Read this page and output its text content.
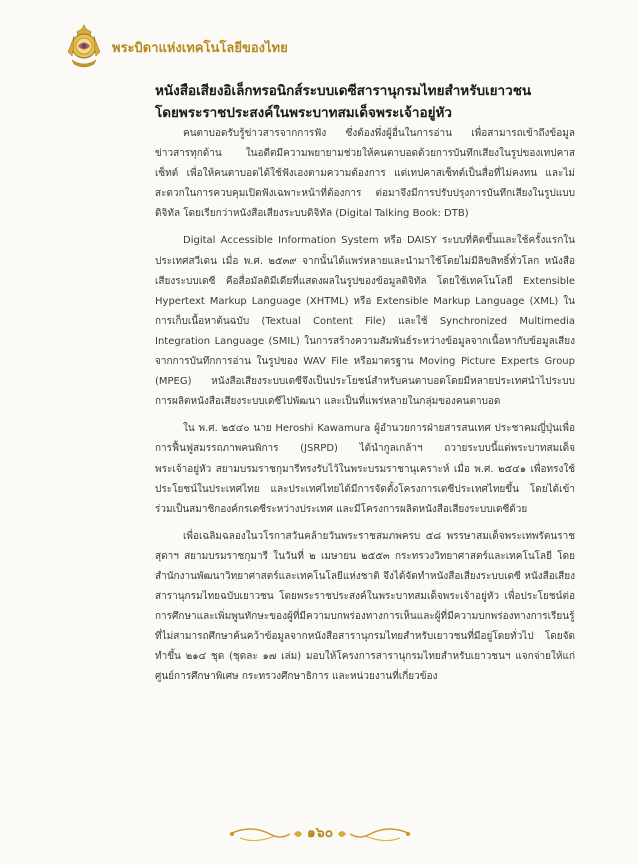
พระบิดาแห่งเทคโนโลยีของไทย
หนังสือเสียงอิเล็กทรอนิกส์ระบบเดซีสารานุกรมไทยสำหรับเยาวชน
โดยพระราชประสงค์ในพระบาทสมเด็จพระเจ้าอยู่หัว

คนตาบอดรับรู้ข่าวสารจากการฟัง ซึ่งต้องพึ่งผู้อื่นในการอ่าน เพื่อสามารถเข้าถึงข้อมูลข่าวสารทุกด้าน ในอดีตมีความพยายามช่วยให้คนตาบอดด้วยการบันทึกเสียงในรูปของเทปคาสเซ็ทต์ เพื่อให้คนตาบอดได้ใช้ฟังเองตามความต้องการ แต่เทปคาสเซ็ทต์เป็นสื่อที่ไม่คงทน และไม่สะดวกในการควบคุมเปิดฟังเฉพาะหน้าที่ต้องการ ต่อมาจึงมีการปรับปรุงการบันทึกเสียงในรูปแบบดิจิทัล โดยเรียกว่าหนังสือเสียงระบบดิจิทัล (Digital Talking Book: DTB)

Digital Accessible Information System หรือ DAISY ระบบที่คิดขึ้นและใช้ครั้งแรกในประเทศสวีเดน เมื่อ พ.ศ. ๒๕๓๙ จากนั้นได้แพร่หลายและนำมาใช้โดยไม่มีลิขสิทธิ์ทั่วโลก หนังสือเสียงระบบเดซี คือสื่อมัลติมีเดียที่แสดงผลในรูปของข้อมูลดิจิทัล โดยใช้เทคโนโลยี Extensible Hypertext Markup Language (XHTML) หรือ Extensible Markup Language (XML) ในการเก็บเนื้อหาต้นฉบับ (Textual Content File) และใช้ Synchronized Multimedia Integration Language (SMIL) ในการสร้างความสัมพันธ์ระหว่างข้อมูลจากเนื้อหากับข้อมูลเสียงจากการบันทึกการอ่าน ในรูปของ WAV File หรือมาตรฐาน Moving Picture Experts Group (MPEG) หนังสือเสียงระบบเดซีจึงเป็นประโยชน์สำหรับคนตาบอดโดยมีหลายประเทศนำไประบบการผลิตหนังสือเสียงระบบเดซีไปพัฒนา และเป็นที่แพร่หลายในกลุ่มของคนตาบอด

ใน พ.ศ. ๒๕๔๐ นาย Heroshi Kawamura ผู้อำนวยการฝ่ายสารสนเทศ ประชาคมญี่ปุ่นเพื่อการฟื้นฟูสมรรถภาพคนพิการ (JSRPD) ได้นำกูลเกล้าฯ ถวายระบบนี้แด่พระบาทสมเด็จพระเจ้าอยู่หัว สยามบรมราชกุมารีทรงรับไว้ในพระบรมราชานุเคราะห์ เมื่อ พ.ศ. ๒๕๔๑ เพื่อทรงใช้ประโยชน์ในประเทศไทย และประเทศไทยได้มีการจัดตั้งโครงการเดซีประเทศไทยขึ้น โดยได้เข้าร่วมเป็นสมาชิกองค์กรเดซีระหว่างประเทศ และมีโครงการผลิตหนังสือเสียงระบบเดซีด้วย

เพื่อเฉลิมฉลองในวโรกาสวันคล้ายวันพระราชสมภพครบ ๕๘ พรรษาสมเด็จพระเทพรัตนราชสุดาฯ สยามบรมราชกุมารี ในวันที่ ๒ เมษายน ๒๕๕๓ กระทรวงวิทยาศาสตร์และเทคโนโลยี โดยสำนักงานพัฒนาวิทยาศาสตร์และเทคโนโลยีแห่งชาติ จึงได้จัดทำหนังสือเสียงระบบเดซี หนังสือเสียงสารานุกรมไทยฉบับเยาวชน โดยพระราชประสงค์ในพระบาทสมเด็จพระเจ้าอยู่หัว เพื่อประโยชน์ต่อการศึกษาและเพิ่มพูนทักษะของผู้ที่มีความบกพร่องทางการเห็นและผู้ที่มีความบกพร่องทางการเรียนรู้ ที่ไม่สามารถศึกษาค้นคว้าข้อมูลจากหนังสือสารานุกรมไทยสำหรับเยาวชนที่มีอยู่โดยทั่วไป โดยจัดทำขึ้น ๒๑๔ ชุด (ชุดละ ๑๗ เล่ม) มอบให้โครงการสารานุกรมไทยสำหรับเยาวชนฯ แจกจ่ายให้แก่ศูนย์การศึกษาพิเศษ กระทรวงศึกษาธิการ และหน่วยงานที่เกี่ยวข้อง

๑๖๐
